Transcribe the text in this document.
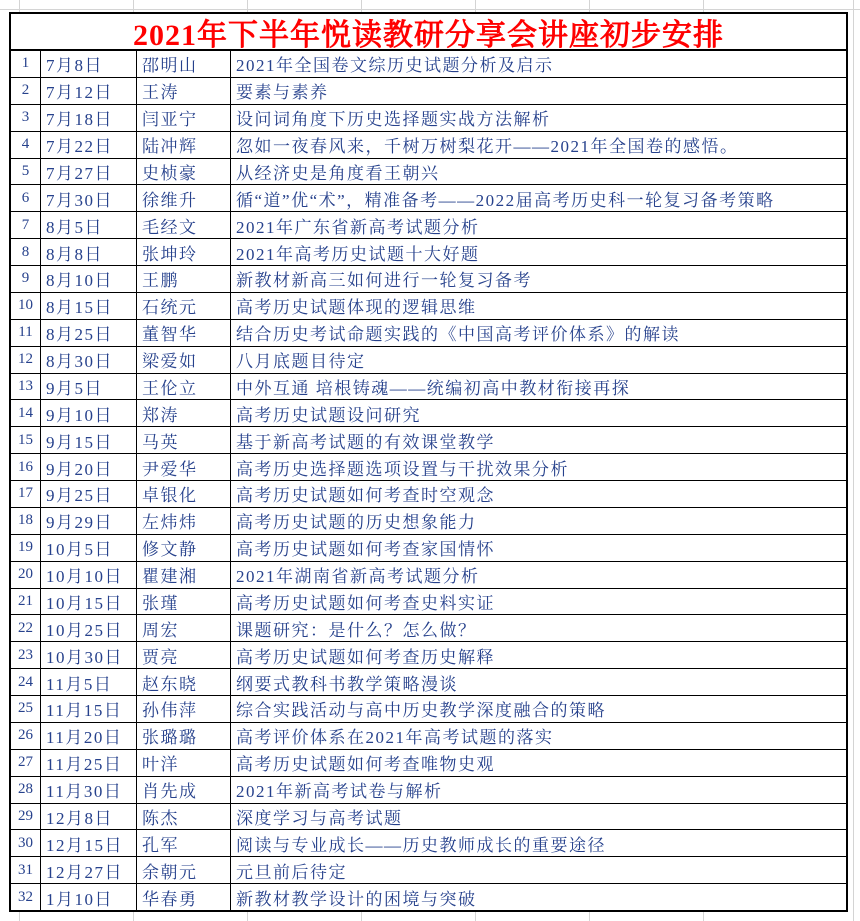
2021年下半年悦读教研分享会讲座初步安排
1 7月8日	邵明山	2021年全国卷文综历史试题分析及启示
2 7月12日	王涛	要素与素养
3 7月18日	闫亚宁	设问词角度下历史选择题实战方法解析
4 7月22日	陆冲辉	忽如一夜春风来，千树万树梨花开——2021年全国卷的感悟。
5 7月27日	史桢豪	从经济史是角度看王朝兴
6 7月30日	徐维升	循“道”优“术”，精准备考——2022届高考历史科一轮复习备考策略
7 8月5日	毛经文	2021年广东省新高考试题分析
8 8月8日	张坤玲	2021年高考历史试题十大好题
9 8月10日	王鹏	新教材新高三如何进行一轮复习备考
10 8月15日	石统元	高考历史试题体现的逻辑思维
11 8月25日	董智华	结合历史考试命题实践的《中国高考评价体系》的解读
12 8月30日	梁爱如	八月底题目待定
13 9月5日	王伦立	中外互通 培根铸魂——统编初高中教材衔接再探
14 9月10日	郑涛	高考历史试题设问研究
15 9月15日	马英	基于新高考试题的有效课堂教学
16 9月20日	尹爱华	高考历史选择题选项设置与干扰效果分析
17 9月25日	卓银化	高考历史试题如何考查时空观念
18 9月29日	左炜炜	高考历史试题的历史想象能力
19 10月5日	修文静	高考历史试题如何考查家国情怀
20 10月10日	瞿建湘	2021年湖南省新高考试题分析
21 10月15日	张瑾	高考历史试题如何考查史料实证
22 10月25日	周宏	课题研究：是什么？怎么做？
23 10月30日	贾亮	高考历史试题如何考查历史解释
24 11月5日	赵东晓	纲要式教科书教学策略漫谈
25 11月15日	孙伟萍	综合实践活动与高中历史教学深度融合的策略
26 11月20日	张璐璐	高考评价体系在2021年高考试题的落实
27 11月25日	叶洋	高考历史试题如何考查唯物史观
28 11月30日	肖先成	2021年新高考试卷与解析
29 12月8日	陈杰	深度学习与高考试题
30 12月15日	孔军	阅读与专业成长——历史教师成长的重要途径
31 12月27日	余朝元	元旦前后待定
32 1月10日	华春勇	新教材教学设计的困境与突破
